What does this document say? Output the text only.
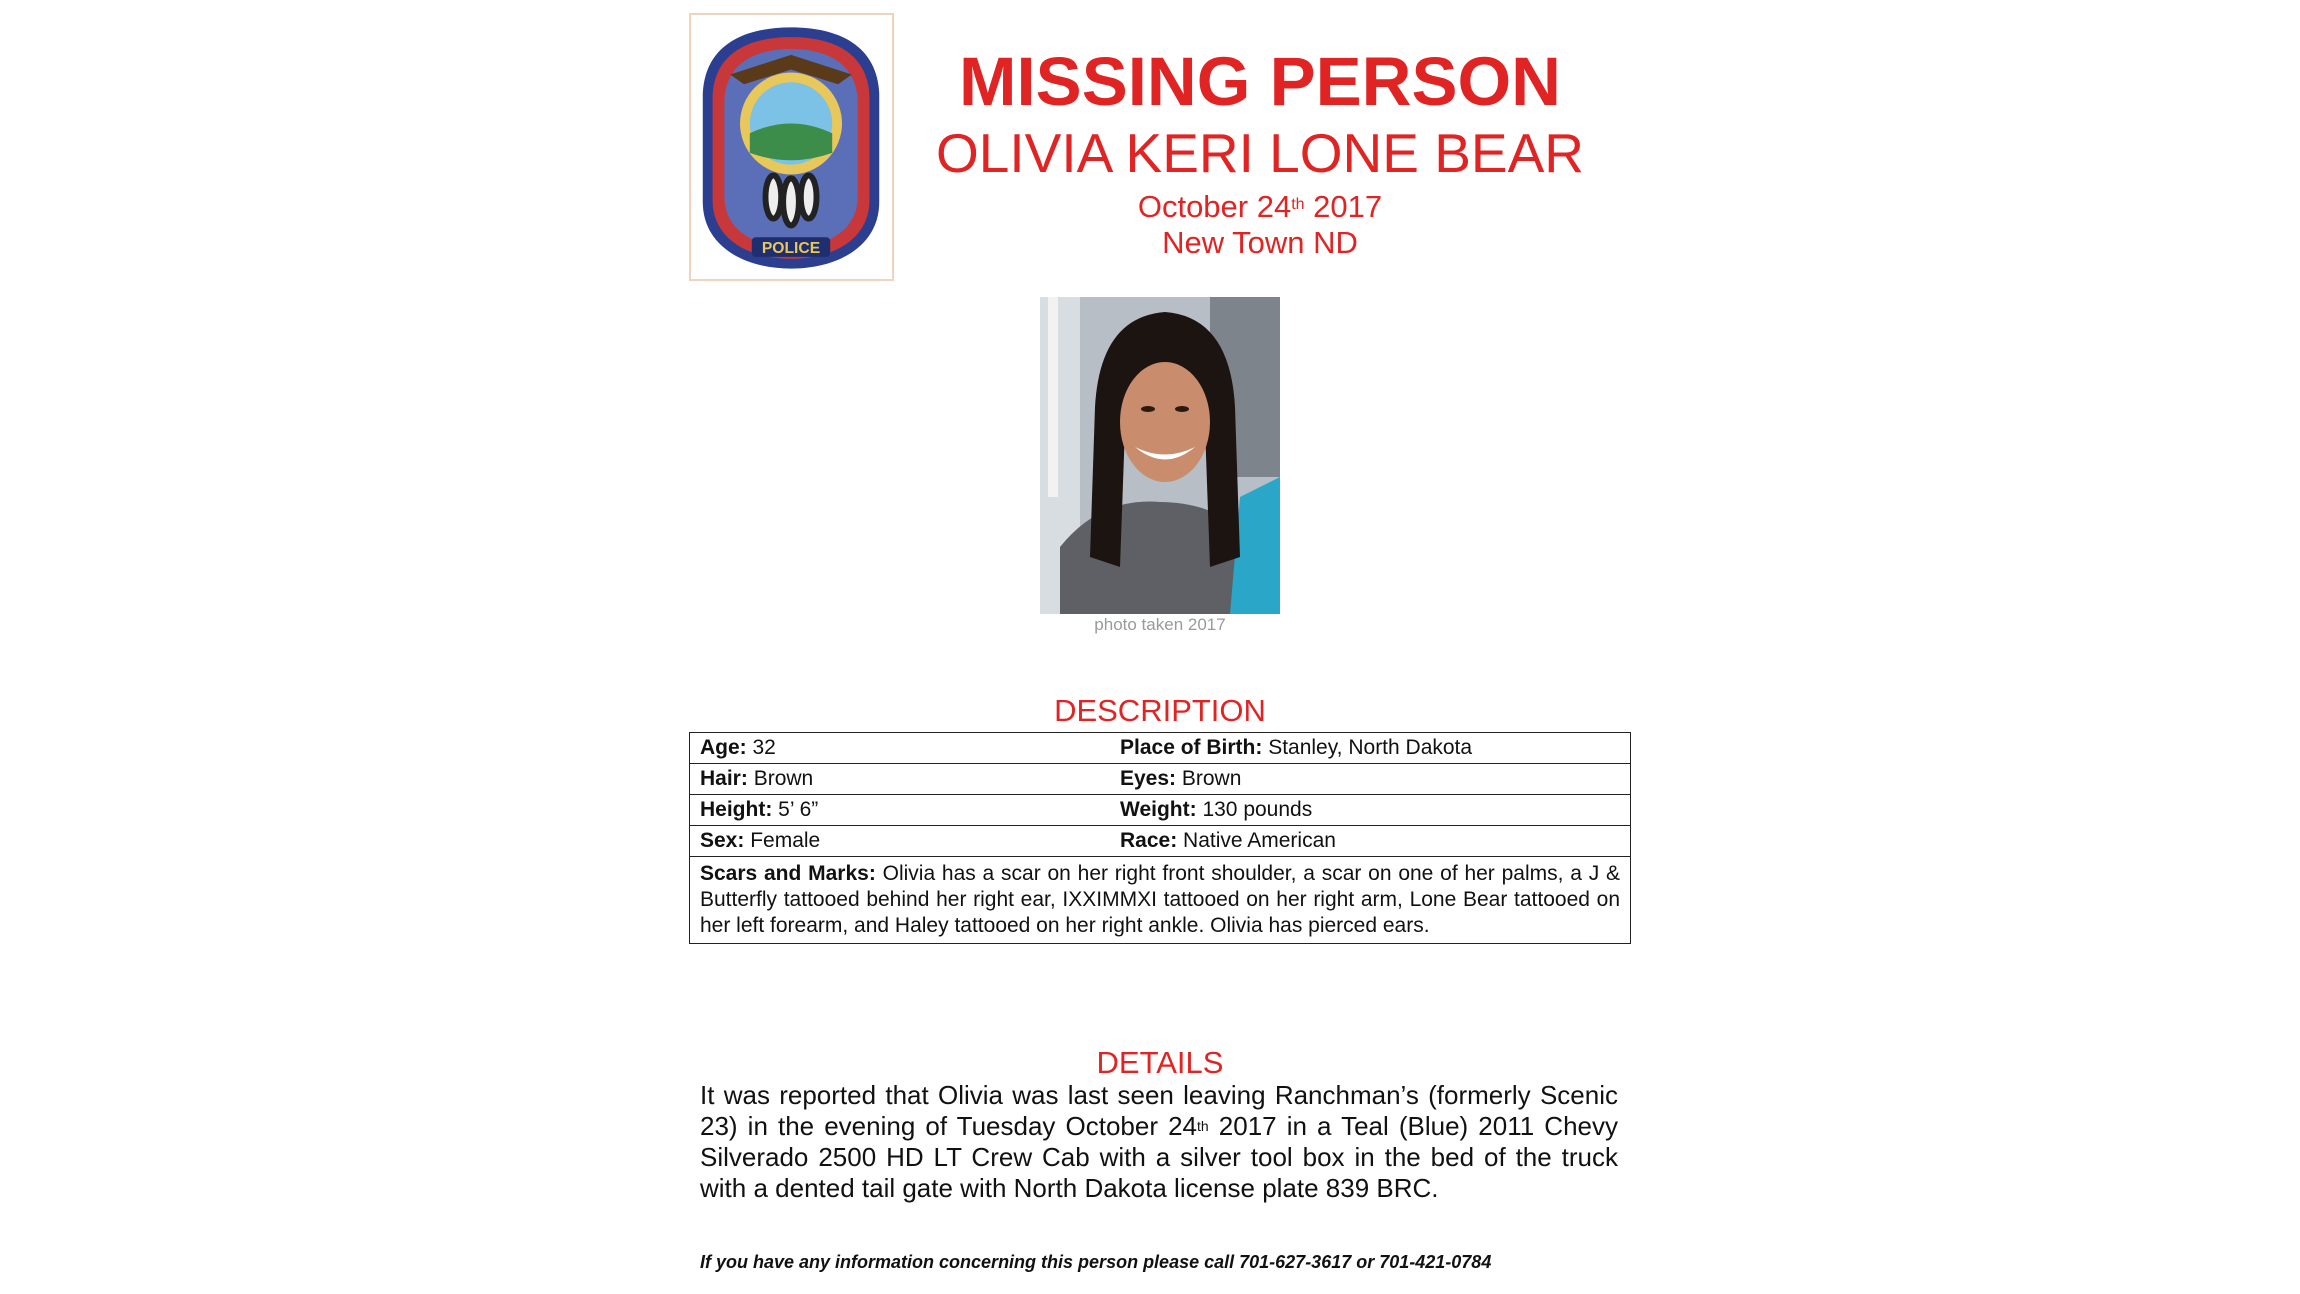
POLICE
MISSING PERSON
OLIVIA KERI LONE BEAR
October 24th 2017
New Town ND
photo taken 2017
DESCRIPTION
Age: 32	Place of Birth: Stanley, North Dakota
Hair: Brown	Eyes: Brown
Height: 5’ 6”	Weight: 130 pounds
Sex: Female	Race: Native American
Scars and Marks: Olivia has a scar on her right front shoulder, a scar on one of her palms, a J & Butterfly tattooed behind her right ear, IXXIMMXI tattooed on her right arm, Lone Bear tattooed on her left forearm, and Haley tattooed on her right ankle. Olivia has pierced ears.	
DETAILS
It was reported that Olivia was last seen leaving Ranchman’s (formerly Scenic 23) in the evening of Tuesday October 24th 2017 in a Teal (Blue) 2011 Chevy Silverado 2500 HD LT Crew Cab with a silver tool box in the bed of the truck with a dented tail gate with North Dakota license plate 839 BRC.
If you have any information concerning this person please call 701-627-3617 or 701-421-0784
